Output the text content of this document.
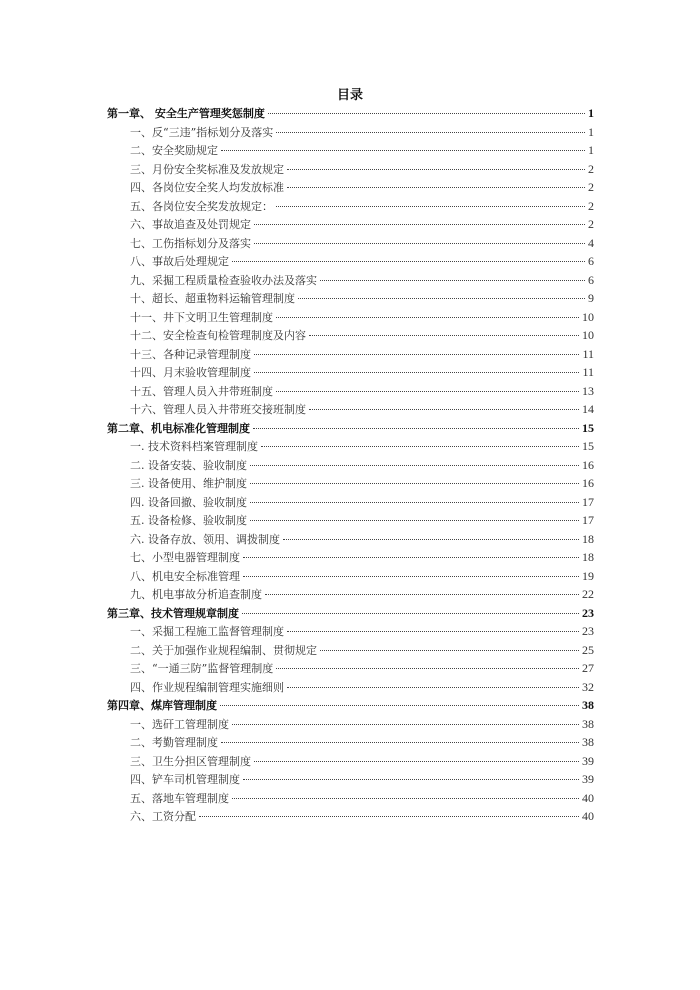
目录
第一章、 安全生产管理奖惩制度	1
一、反“三违”指标划分及落实	1
二、安全奖励规定	1
三、月份安全奖标准及发放规定	2
四、各岗位安全奖人均发放标准	2
五、各岗位安全奖发放规定：	2
六、事故追查及处罚规定	2
七、工伤指标划分及落实	4
八、事故后处理规定	6
九、采掘工程质量检查验收办法及落实	6
十、超长、超重物料运输管理制度	9
十一、井下文明卫生管理制度	10
十二、安全检查旬检管理制度及内容	10
十三、各种记录管理制度	11
十四、月末验收管理制度	11
十五、管理人员入井带班制度	13
十六、管理人员入井带班交接班制度	14
第二章、机电标准化管理制度	15
一. 技术资料档案管理制度	15
二. 设备安装、验收制度	16
三. 设备使用、维护制度	16
四. 设备回撤、验收制度	17
五. 设备检修、验收制度	17
六. 设备存放、领用、调拨制度	18
七、小型电器管理制度	18
八、机电安全标准管理	19
九、机电事故分析追查制度	22
第三章、技术管理规章制度	23
一、采掘工程施工监督管理制度	23
二、关于加强作业规程编制、贯彻规定	25
三、“一通三防”监督管理制度	27
四、作业规程编制管理实施细则	32
第四章、煤库管理制度	38
一、选矸工管理制度	38
二、考勤管理制度	38
三、卫生分担区管理制度	39
四、铲车司机管理制度	39
五、落地车管理制度	40
六、工资分配	40
